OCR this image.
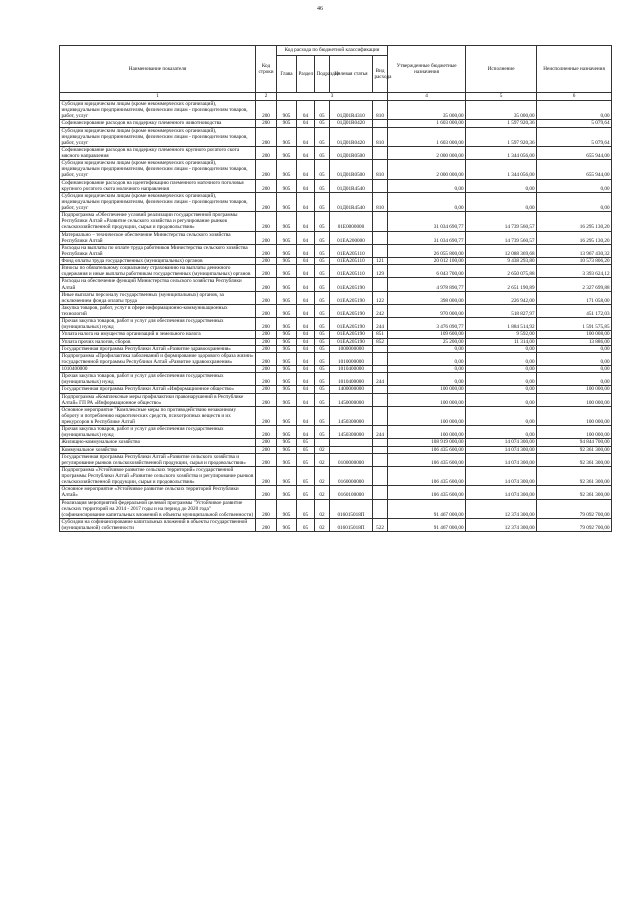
46
Наименование показателя	Код строки	Код расхода по бюджетной классификации					Утвержденные бюджетные назначения	Исполнение	Неисполненные назначения
		Глава	Раздел	Подраздел	Целевая статья	Вид расхода			
1	2	3					4	5	6
Субсидии юридическим лицам (кроме некоммерческих организаций), индивидуальным предпринимателям, физическим лицам - производителям товаров, работ, услуг	200	905	04	05	01Д01R4310	810	35 000,00	35 000,00	0,00
Софинансирование расходов на поддержку племенного животноводства	200	905	04	05	01Д01R0420		1 603 000,00	1 597 920,36	5 079,64
Субсидии юридическим лицам (кроме некоммерческих организаций), индивидуальным предпринимателям, физическим лицам - производителям товаров, работ, услуг	200	905	04	05	01Д01R0420	810	1 603 000,00	1 597 920,36	5 079,64
Софинансирование расходов на поддержку племенного крупного рогатого скота мясного направления	200	905	04	05	01Д01R0500		2 000 000,00	1 344 056,00	655 944,00
Субсидии юридическим лицам (кроме некоммерческих организаций), индивидуальным предпринимателям, физическим лицам - производителям товаров, работ, услуг	200	905	04	05	01Д01R0500	810	2 000 000,00	1 344 056,00	655 944,00
Софинансирование расходов на идентификацию племенного маточного поголовья крупного рогатого скота молочного направления	200	905	04	05	01Д01R4540		0,00	0,00	0,00
Субсидии юридическим лицам (кроме некоммерческих организаций), индивидуальным предпринимателям, физическим лицам - производителям товаров, работ, услуг	200	905	04	05	01Д01R4540	810	0,00	0,00	0,00
Подпрограмма «Обеспечение условий реализации государственной программы Республики Алтай «Развитие сельского хозяйства и регулирование рынков сельскохозяйственной продукции, сырья и продовольствия»	200	905	04	05	01Е0000000		31 034 690,77	14 739 560,57	16 295 130,20
Материально – техническое обеспечение Министерства сельского хозяйства Республики Алтай	200	905	04	05	01ЕА200000		31 034 690,77	14 739 560,57	16 295 130,20
Расходы на выплаты по оплате труда работников Министерства сельского хозяйства Республики Алтай	200	905	04	05	01ЕА205110		26 055 800,00	12 088 369,68	13 967 430,32
Фонд оплаты труда государственных (муниципальных) органов	200	905	04	05	01ЕА205110	121	20 012 100,00	9 438 293,80	10 573 806,20
Взносы по обязательному социальному страхованию на выплаты денежного содержания и иные выплаты работникам государственных (муниципальных) органов	200	905	04	05	01ЕА205110	129	6 043 700,00	2 650 075,88	3 393 624,12
Расходы на обеспечение функций Министерства сельского хозяйства Республики Алтай	200	905	04	05	01ЕА205190		4 978 890,77	2 651 190,89	2 327 699,88
Иные выплаты персоналу государственных (муниципальных) органов, за исключением фонда оплаты труда	200	905	04	05	01ЕА205190	122	398 000,00	226 942,00	171 058,00
Закупка товаров, работ, услуг в сфере информационно-коммуникационных технологий	200	905	04	05	01ЕА205190	242	970 000,00	518 827,97	451 172,03
Прочая закупка товаров, работ и услуг для обеспечения государственных (муниципальных) нужд	200	905	04	05	01ЕА205190	244	3 476 090,77	1 884 514,92	1 591 575,85
Уплата налога на имущество организаций и земельного налога	200	905	04	05	01ЕА205190	851	109 600,00	9 592,00	100 008,00
Уплата прочих налогов, сборов	200	905	04	05	01ЕА205190	852	25 200,00	11 314,00	13 886,00
Государственная программа Республики Алтай «Развитие здравоохранения»	200	905	04	05	1000000000		0,00	0,00	0,00
Подпрограмма «Профилактика заболеваний и формирование здорового образа жизни» государственной программы Республики Алтай «Развитие здравоохранения»	200	905	04	05	1010000000		0,00	0,00	0,00
1010400000	200	905	04	05	1010400000		0,00	0,00	0,00
Прочая закупка товаров, работ и услуг для обеспечения государственных (муниципальных) нужд	200	905	04	05	1010400000	244	0,00	0,00	0,00
Государственная программа Республики Алтай «Информационное общество»	200	905	04	05	1400000000		100 000,00	0,00	100 000,00
Подпрограмма «Комплексные меры профилактики правонарушений в Республике Алтай» ГП РА «Информационное общество»	200	905	04	05	1450000000		100 000,00	0,00	100 000,00
Основное мероприятие "Комплексные меры по противодействию незаконному обороту и потреблению наркотических средств, психотропных веществ и их прекурсоров в Республике Алтай	200	905	04	05	1450300000		100 000,00	0,00	100 000,00
Прочая закупка товаров, работ и услуг для обеспечения государственных (муниципальных) нужд	200	905	04	05	1450300000	244	100 000,00	0,00	100 000,00
Жилищно-коммунальное хозяйство	200	905	05				108 919 000,00	14 074 300,00	94 844 700,00
Коммунальное хозяйство	200	905	05	02			106 435 600,00	14 074 300,00	92 361 300,00
Государственная программа Республики Алтай «Развитие сельского хозяйства и регулирование рынков сельскохозяйственной продукции, сырья и продовольствия»	200	905	05	02	0100000000		106 435 600,00	14 074 300,00	92 361 300,00
Подпрограмма «Устойчивое развитие сельских территорий» государственной программы Республики Алтай «Развитие сельского хозяйства и регулирование рынков сельскохозяйственной продукции, сырья и продовольствия»	200	905	05	02	0160000000		106 435 600,00	14 074 300,00	92 361 300,00
Основное мероприятие «Устойчивое развитие сельских территорий Республики Алтай»	200	905	05	02	0160100000		106 435 600,00	14 074 300,00	92 361 300,00
Реализация мероприятий федеральной целевой программы "Устойчивое развитие сельских территорий на 2014 - 2017 годы и на период до 2020 года" (софинансирование капитальных вложений в объекты муниципальной собственности)	200	905	05	02	016015018П		91 467 000,00	12 374 300,00	79 092 700,00
Субсидии на софинансирование капитальных вложений в объекты государственной (муниципальной) собственности	200	905	05	02	016015018П	522	91 467 000,00	12 374 300,00	79 092 700,00
